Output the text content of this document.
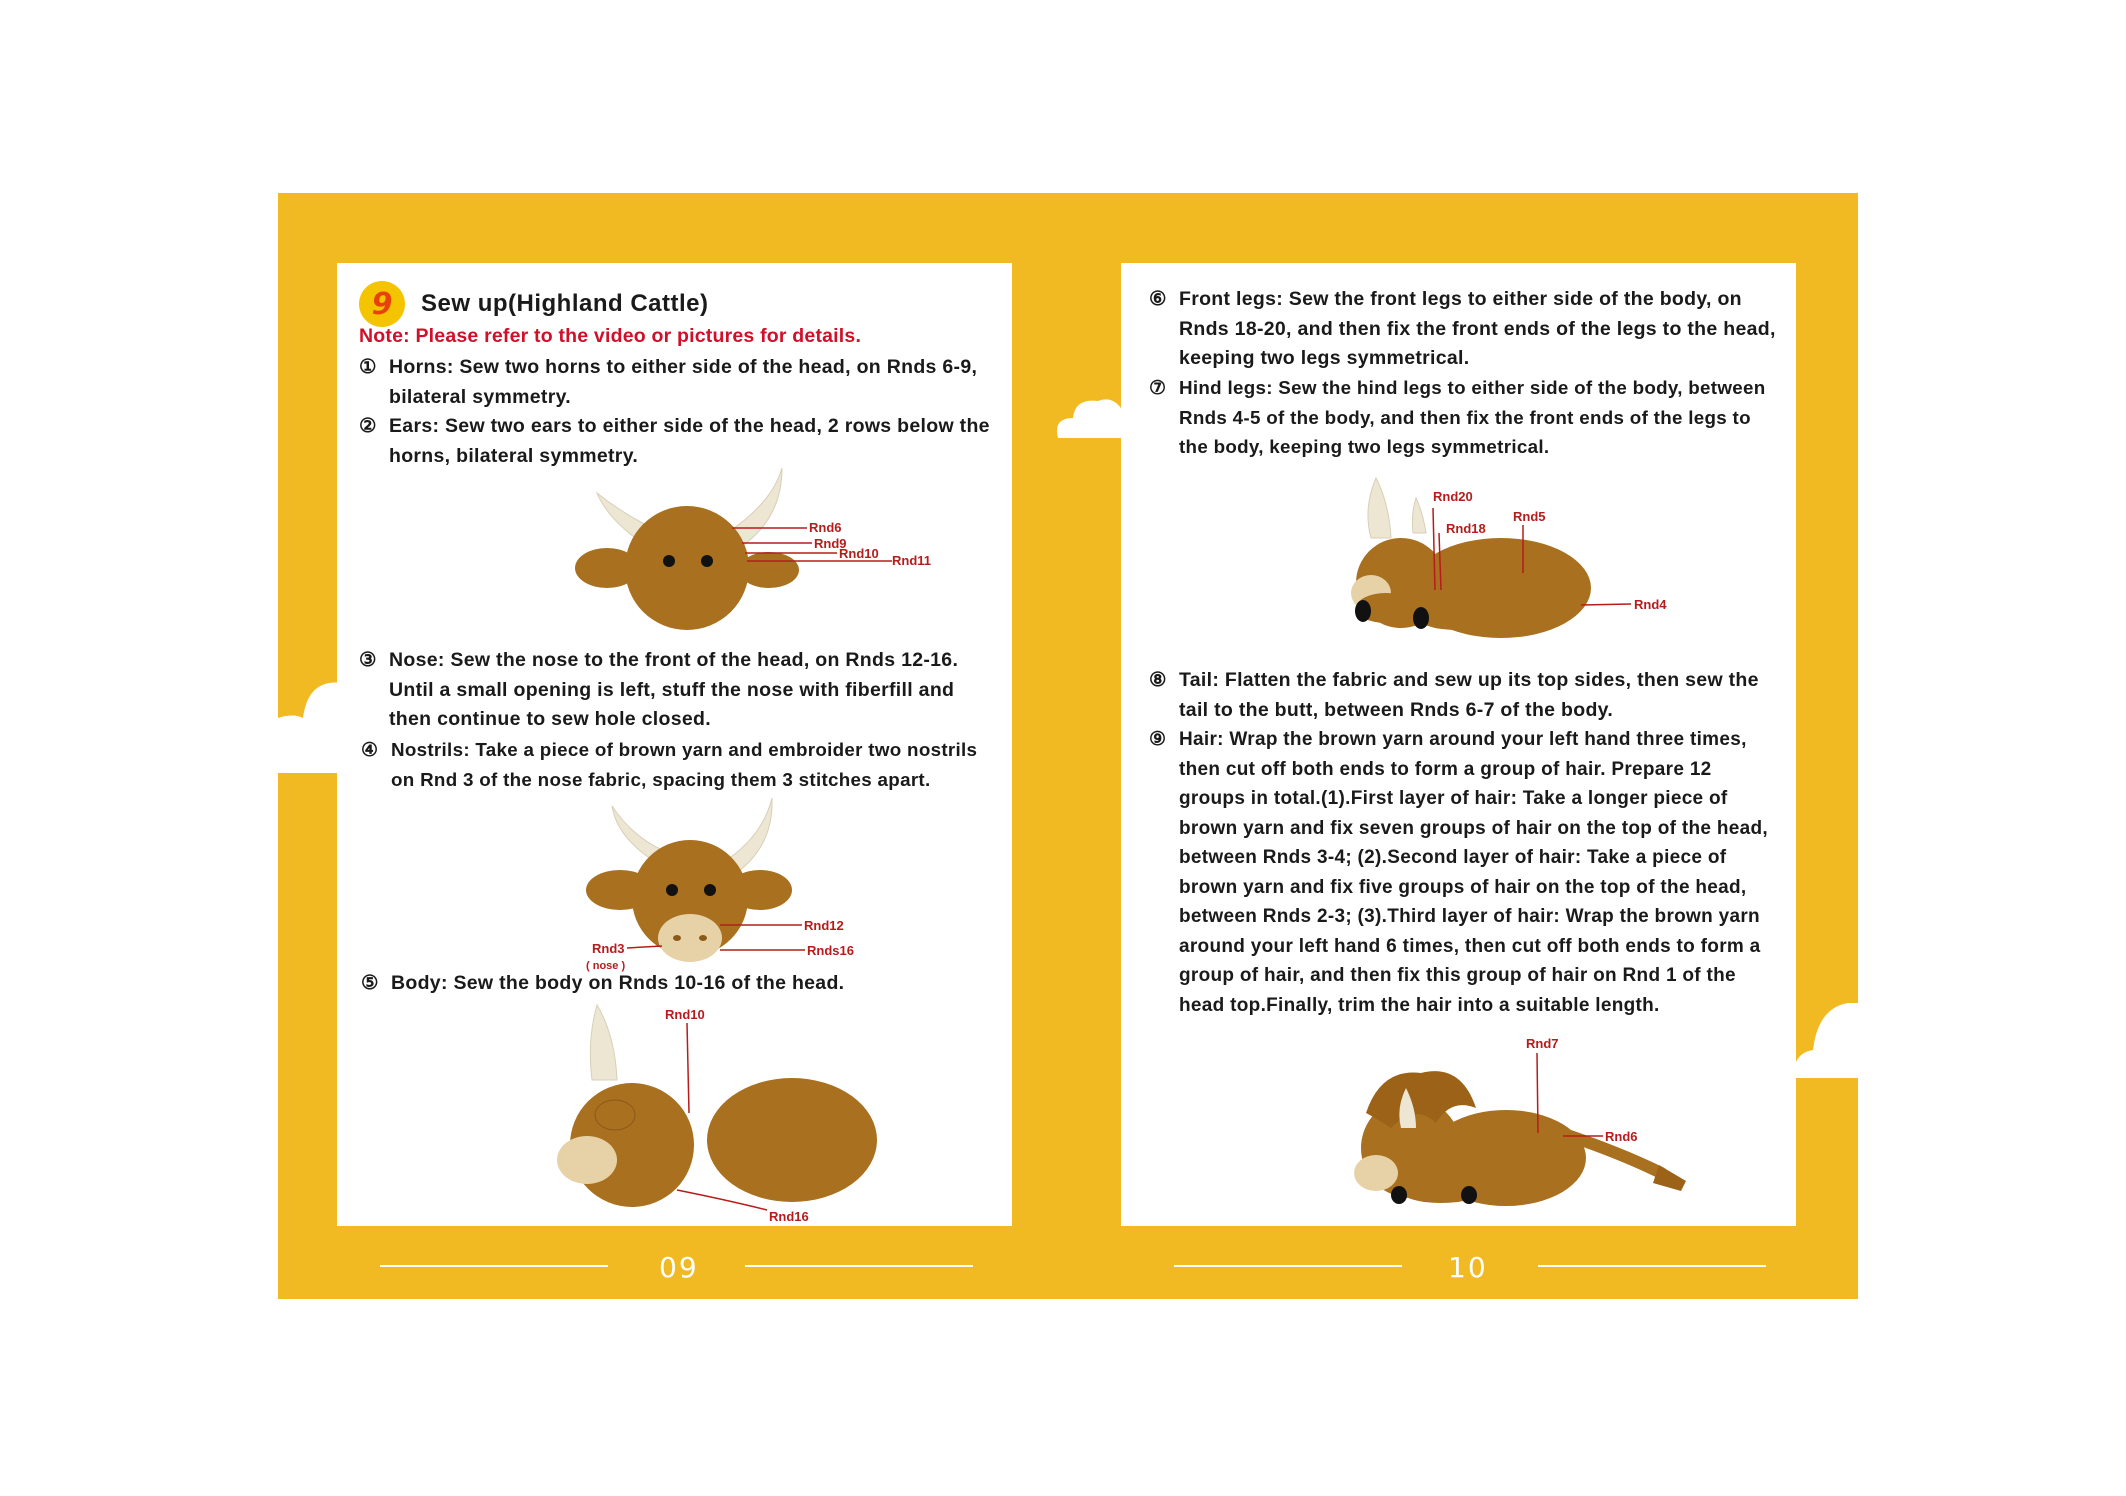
9	Sew up(Highland Cattle)
Note: Please refer to the video or pictures for details.
① Horns: Sew two horns to either side of the head, on Rnds 6-9, bilateral symmetry.
② Ears: Sew two ears to either side of the head, 2 rows below the horns, bilateral symmetry.
Rnd6
Rnd9
Rnd10 Rnd11
③ Nose: Sew the nose to the front of the head, on Rnds 12-16. Until a small opening is left, stuff the nose with fiberfill and then continue to sew hole closed.
④ Nostrils: Take a piece of brown yarn and embroider two nostrils on Rnd 3 of the nose fabric, spacing them 3 stitches apart.
Rnd12
Rnds16
Rnd3
( nose )
⑤ Body: Sew the body on Rnds 10-16 of the head.
Rnd10
Rnd16
⑥ Front legs: Sew the front legs to either side of the body, on Rnds 18-20, and then fix the front ends of the legs to the head, keeping two legs symmetrical.
⑦ Hind legs: Sew the hind legs to either side of the body, between Rnds 4-5 of the body, and then fix the front ends of the legs to the body, keeping two legs symmetrical.
Rnd20
Rnd18
Rnd5
Rnd4
⑧ Tail: Flatten the fabric and sew up its top sides, then sew the tail to the butt, between Rnds 6-7 of the body.
⑨ Hair: Wrap the brown yarn around your left hand three times, then cut off both ends to form a group of hair. Prepare 12 groups in total.(1).First layer of hair: Take a longer piece of brown yarn and fix seven groups of hair on the top of the head, between Rnds 3-4; (2).Second layer of hair: Take a piece of brown yarn and fix five groups of hair on the top of the head, between Rnds 2-3; (3).Third layer of hair: Wrap the brown yarn around your left hand 6 times, then cut off both ends to form a group of hair, and then fix this group of hair on Rnd 1 of the head top.Finally, trim the hair into a suitable length.
Rnd7
Rnd6
09	10
